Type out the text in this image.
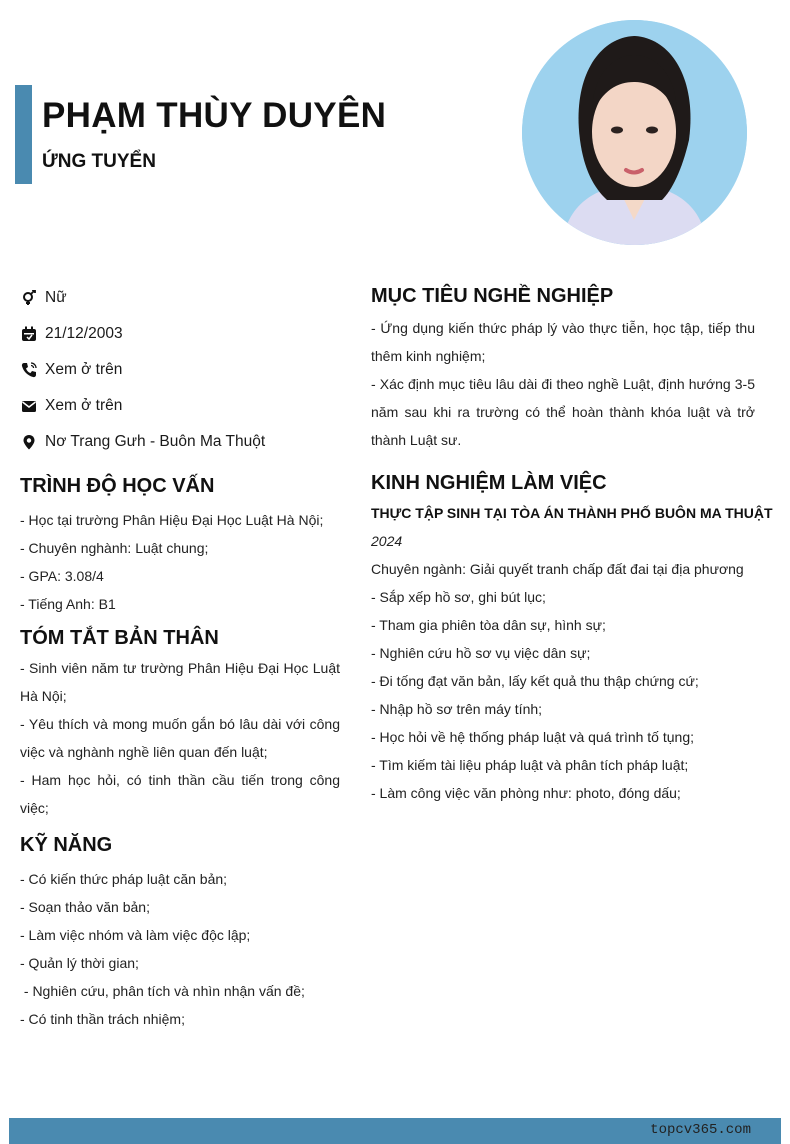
PHẠM THÙY DUYÊN
ỨNG TUYỂN
Nữ
21/12/2003
Xem ở trên
Xem ở trên
Nơ Trang Gưh - Buôn Ma Thuột
TRÌNH ĐỘ HỌC VẤN
- Học tại trường Phân Hiệu Đại Học Luật Hà Nội;
- Chuyên nghành: Luật chung;
- GPA: 3.08/4
- Tiếng Anh: B1
TÓM TẮT BẢN THÂN
- Sinh viên năm tư trường Phân Hiệu Đại Học Luật Hà Nội;
- Yêu thích và mong muốn gắn bó lâu dài với công việc và nghành nghề liên quan đến luật;
- Ham học hỏi, có tinh thần cầu tiến trong công việc;
KỸ NĂNG
- Có kiến thức pháp luật căn bản;
- Soạn thảo văn bản;
- Làm việc nhóm và làm việc độc lập;
- Quản lý thời gian;
- Nghiên cứu, phân tích và nhìn nhận vấn đề;
- Có tinh thần trách nhiệm;
MỤC TIÊU NGHỀ NGHIỆP
- Ứng dụng kiến thức pháp lý vào thực tiễn, học tập, tiếp thu thêm kinh nghiệm;
- Xác định mục tiêu lâu dài đi theo nghề Luật, định hướng 3-5 năm sau khi ra trường có thể hoàn thành khóa luật và trở thành Luật sư.
KINH NGHIỆM LÀM VIỆC
THỰC TẬP SINH TẠI TÒA ÁN THÀNH PHỐ BUÔN MA THUẬT
2024
Chuyên ngành: Giải quyết tranh chấp đất đai tại địa phương
- Sắp xếp hồ sơ, ghi bút lục;
- Tham gia phiên tòa dân sự, hình sự;
- Nghiên cứu hồ sơ vụ việc dân sự;
- Đi tống đạt văn bản, lấy kết quả thu thập chứng cứ;
- Nhập hồ sơ trên máy tính;
- Học hỏi về hệ thống pháp luật và quá trình tố tụng;
- Tìm kiếm tài liệu pháp luật và phân tích pháp luật;
- Làm công việc văn phòng như: photo, đóng dấu;
topcv365.com
